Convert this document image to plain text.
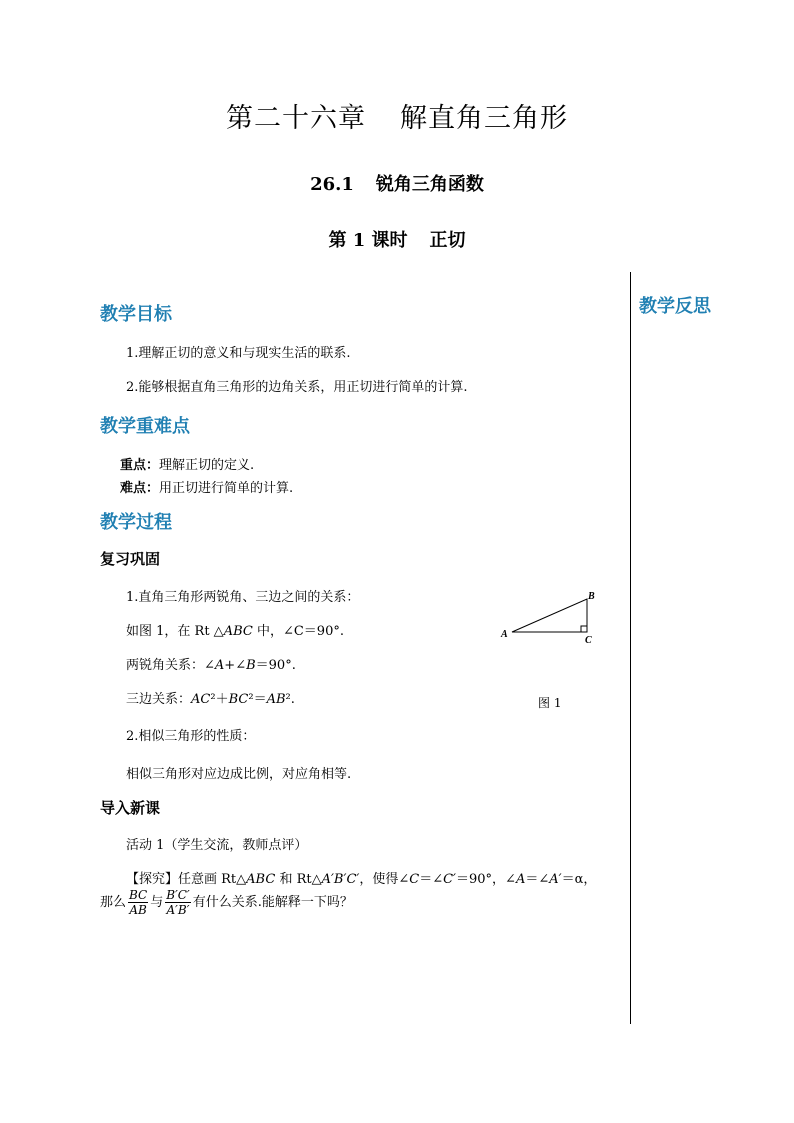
第二十六章 解直角三角形
26.1 锐角三角函数
第 1 课时 正切
教学反思
教学目标
1.理解正切的意义和与现实生活的联系.
2.能够根据直角三角形的边角关系，用正切进行简单的计算.
教学重难点
重点：理解正切的定义.
难点：用正切进行简单的计算.
教学过程
复习巩固
1.直角三角形两锐角、三边之间的关系：
如图 1，在 Rt △ABC 中，∠C＝90°.
两锐角关系：∠A+∠B＝90°.
三边关系：AC²＋BC²＝AB².
2.相似三角形的性质：
相似三角形对应边成比例，对应角相等.
A
B
C
图 1
导入新课
活动 1（学生交流，教师点评）
【探究】任意画 Rt△ABC 和 Rt△A′B′C′，使得∠C＝∠C′＝90°，∠A＝∠A′＝α，
那么 $\frac{BC}{AB}$ 与 $\frac{B'C'}{A'B'}$ 有什么关系.能解释一下吗？
